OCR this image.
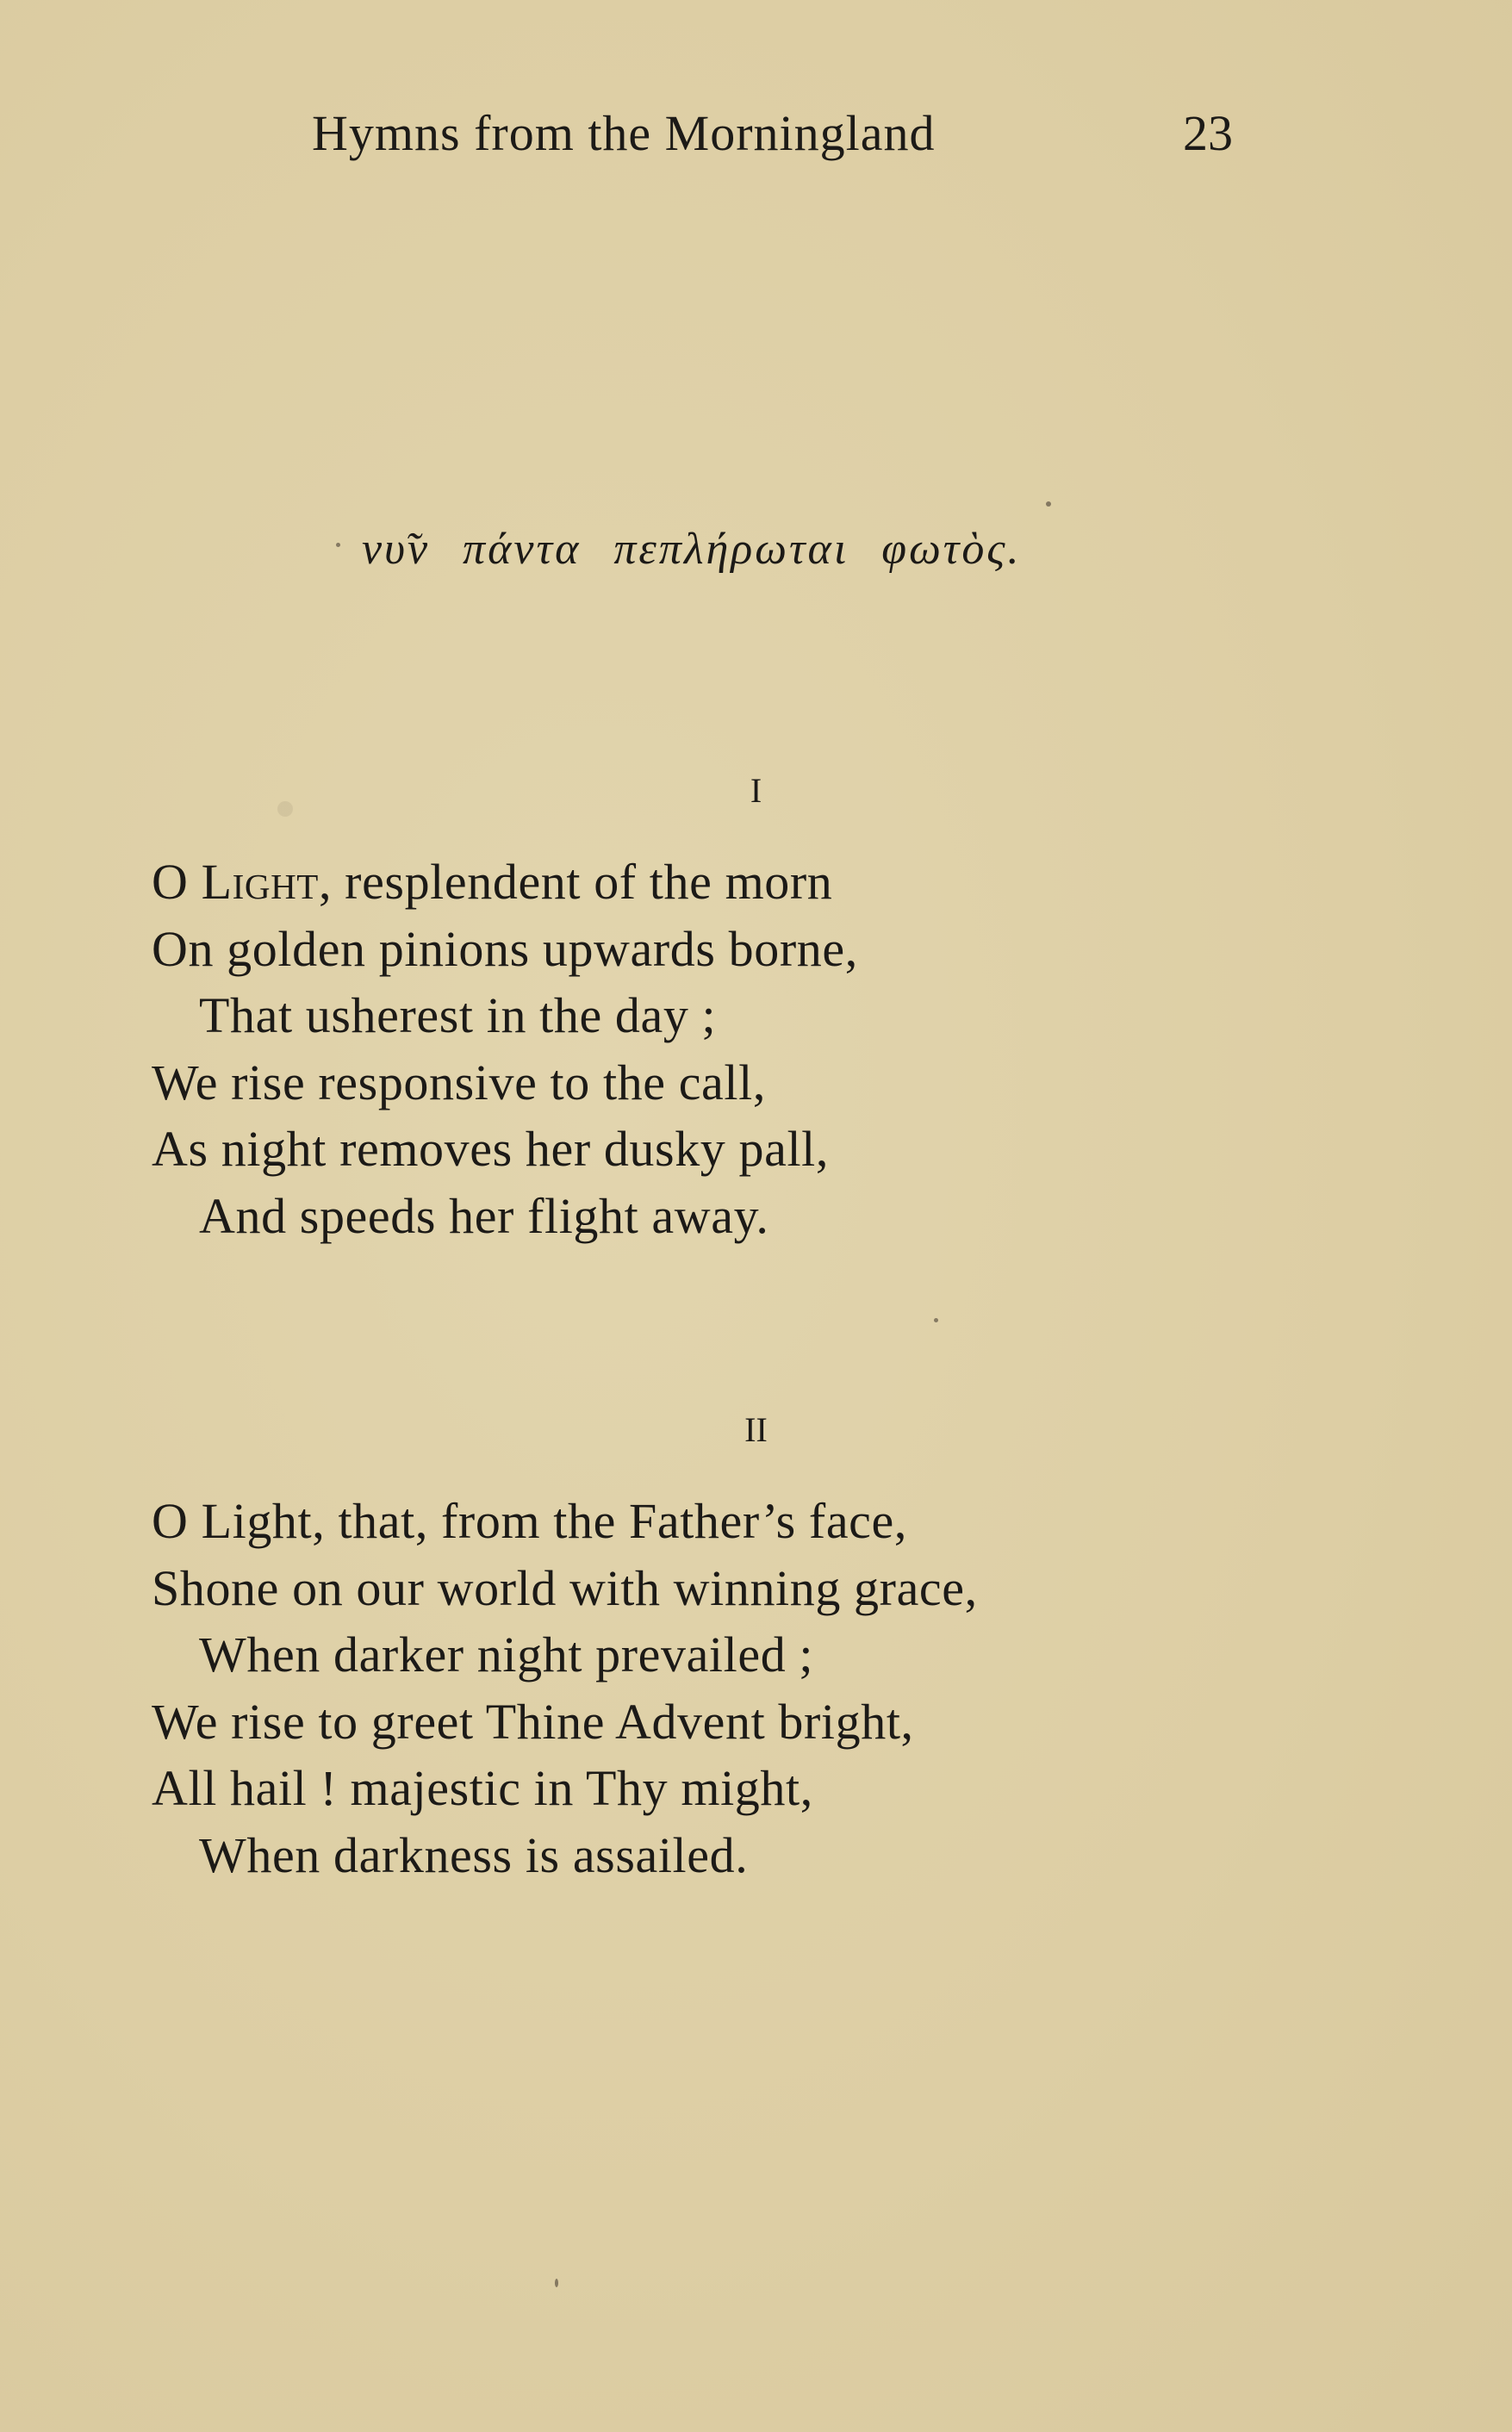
Hymns from the Morningland	23
νυ̃ν πάντα πεπλήρωται φωτὸς.
I
O Light, resplendent of the morn
On golden pinions upwards borne,
That usherest in the day ;
We rise responsive to the call,
As night removes her dusky pall,
And speeds her flight away.
II
O Light, that, from the Father’s face,
Shone on our world with winning grace,
When darker night prevailed ;
We rise to greet Thine Advent bright,
All hail ! majestic in Thy might,
When darkness is assailed.
